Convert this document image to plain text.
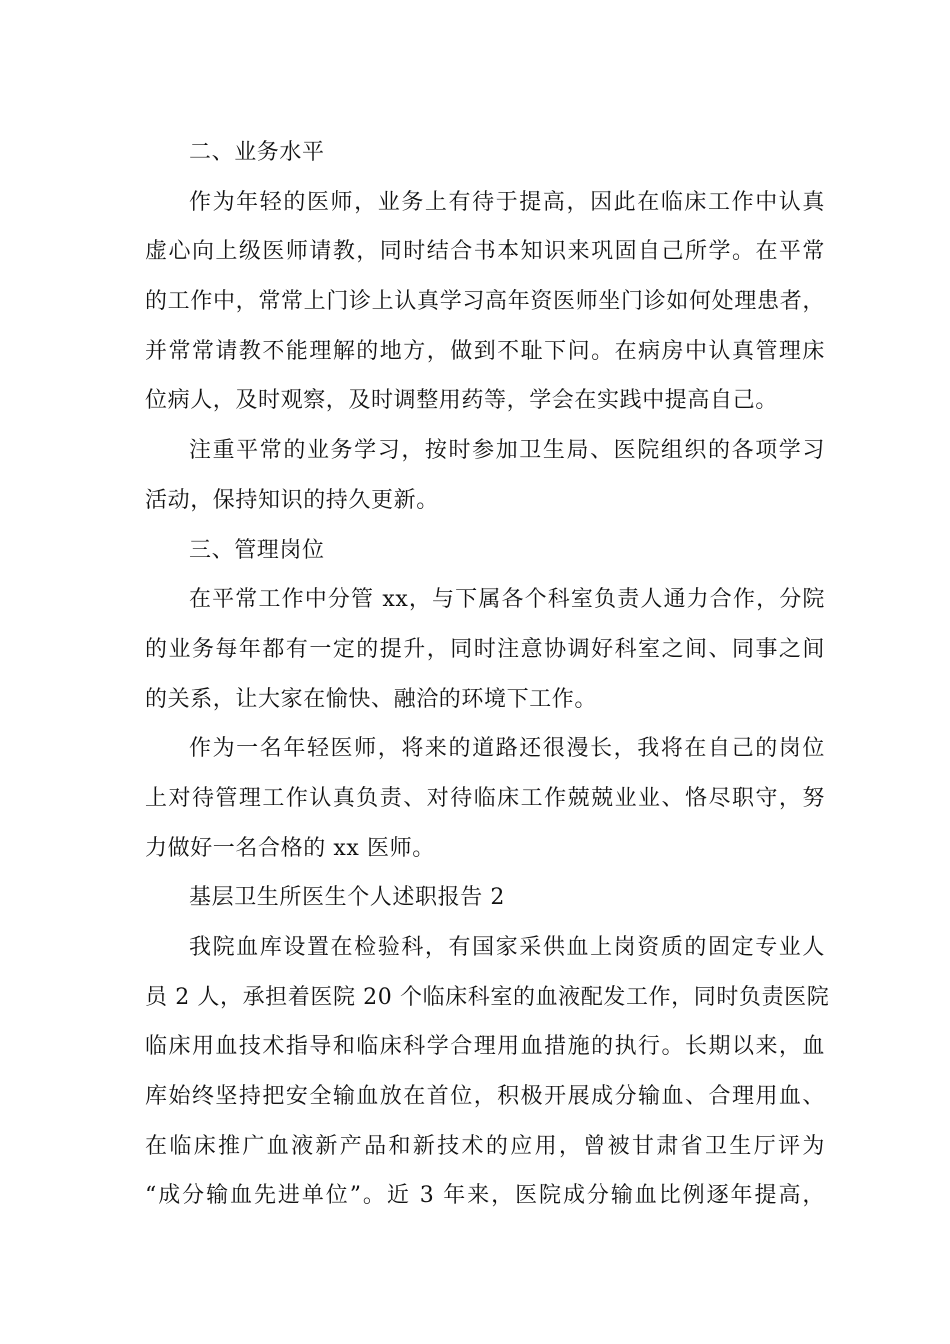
二、业务水平
作为年轻的医师，业务上有待于提高，因此在临床工作中认真
虚心向上级医师请教，同时结合书本知识来巩固自己所学。在平常
的工作中，常常上门诊上认真学习高年资医师坐门诊如何处理患者，
并常常请教不能理解的地方，做到不耻下问。在病房中认真管理床
位病人，及时观察，及时调整用药等，学会在实践中提高自己。
注重平常的业务学习，按时参加卫生局、医院组织的各项学习
活动，保持知识的持久更新。
三、管理岗位
在平常工作中分管 xx，与下属各个科室负责人通力合作，分院
的业务每年都有一定的提升，同时注意协调好科室之间、同事之间
的关系，让大家在愉快、融洽的环境下工作。
作为一名年轻医师，将来的道路还很漫长，我将在自己的岗位
上对待管理工作认真负责、对待临床工作兢兢业业、恪尽职守，努
力做好一名合格的 xx 医师。
基层卫生所医生个人述职报告 2
我院血库设置在检验科，有国家采供血上岗资质的固定专业人
员 2 人，承担着医院 20 个临床科室的血液配发工作，同时负责医院
临床用血技术指导和临床科学合理用血措施的执行。长期以来，血
库始终坚持把安全输血放在首位，积极开展成分输血、合理用血、
在临床推广血液新产品和新技术的应用，曾被甘肃省卫生厅评为
“成分输血先进单位”。近 3 年来，医院成分输血比例逐年提高，
